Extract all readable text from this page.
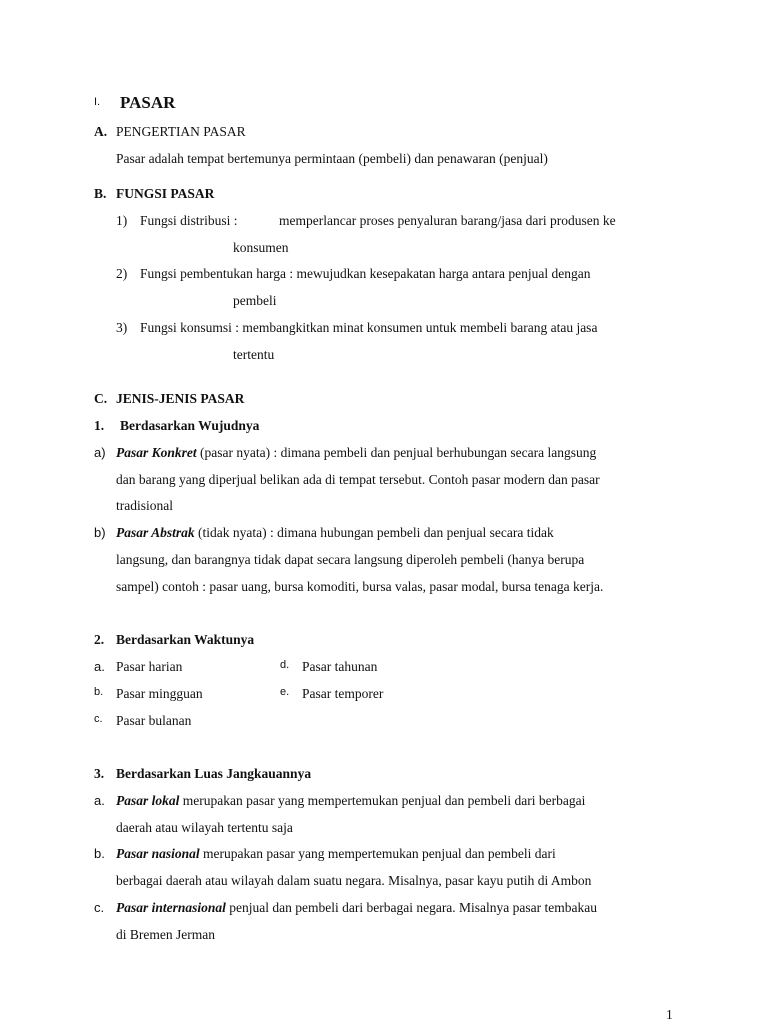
I. PASAR
A. PENGERTIAN PASAR
Pasar adalah tempat bertemunya permintaan (pembeli) dan penawaran (penjual)
B. FUNGSI PASAR
1) Fungsi distribusi :	memperlancar proses penyaluran barang/jasa dari produsen ke
konsumen
2) Fungsi pembentukan harga : mewujudkan kesepakatan harga antara penjual dengan
pembeli
3) Fungsi konsumsi : membangkitkan minat konsumen untuk membeli barang atau jasa
tertentu
C. JENIS-JENIS PASAR
1. Berdasarkan Wujudnya
a) Pasar Konkret (pasar nyata) : dimana pembeli dan penjual berhubungan secara langsung
dan barang yang diperjual belikan ada di tempat tersebut. Contoh pasar modern dan pasar
tradisional
b) Pasar Abstrak (tidak nyata) : dimana hubungan pembeli dan penjual secara tidak
langsung, dan barangnya tidak dapat secara langsung diperoleh pembeli (hanya berupa
sampel) contoh : pasar uang, bursa komoditi, bursa valas, pasar modal, bursa tenaga kerja.
2. Berdasarkan Waktunya
a. Pasar harian
b. Pasar mingguan
c. Pasar bulanan
d. Pasar tahunan
e. Pasar temporer
3. Berdasarkan Luas Jangkauannya
a. Pasar lokal merupakan pasar yang mempertemukan penjual dan pembeli dari berbagai
daerah atau wilayah tertentu saja
b. Pasar nasional merupakan pasar yang mempertemukan penjual dan pembeli dari
berbagai daerah atau wilayah dalam suatu negara. Misalnya, pasar kayu putih di Ambon
c. Pasar internasional penjual dan pembeli dari berbagai negara. Misalnya pasar tembakau
di Bremen Jerman
1
